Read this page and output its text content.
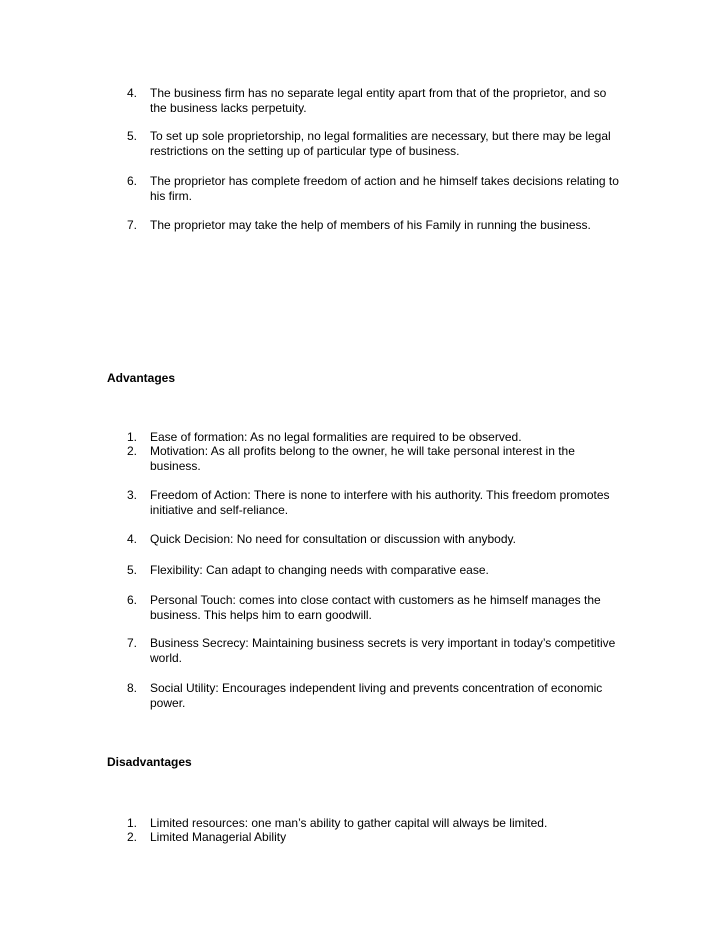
4.	The business firm has no separate legal entity apart from that of the proprietor, and so
the business lacks perpetuity.
5.	To set up sole proprietorship, no legal formalities are necessary, but there may be legal
restrictions on the setting up of particular type of business.
6.	The proprietor has complete freedom of action and he himself takes decisions relating to
his firm.
7.	The proprietor may take the help of members of his Family in running the business.
Advantages
1.	Ease of formation: As no legal formalities are required to be observed.
2.	Motivation: As all profits belong to the owner, he will take personal interest in the
business.
3.	Freedom of Action: There is none to interfere with his authority. This freedom promotes
initiative and self-reliance.
4.	Quick Decision: No need for consultation or discussion with anybody.
5.	Flexibility: Can adapt to changing needs with comparative ease.
6.	Personal Touch: comes into close contact with customers as he himself manages the
business. This helps him to earn goodwill.
7.	Business Secrecy: Maintaining business secrets is very important in today’s competitive
world.
8.	Social Utility: Encourages independent living and prevents concentration of economic
power.
Disadvantages
1.	Limited resources: one man’s ability to gather capital will always be limited.
2.	Limited Managerial Ability
